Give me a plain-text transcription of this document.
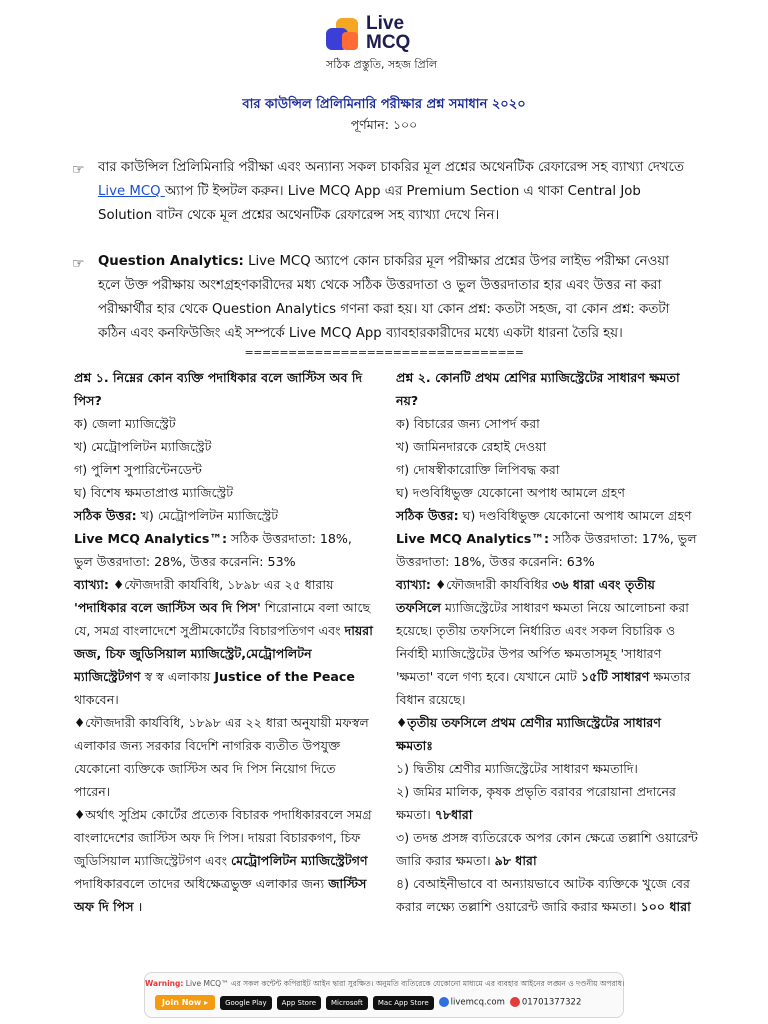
Live
MCQ
সঠিক প্রস্তুতি, সহজ প্রিলি
বার কাউন্সিল প্রিলিমিনারি পরীক্ষার প্রশ্ন সমাধান ২০২০
পূর্ণমান: ১০০
☞ বার কাউন্সিল প্রিলিমিনারি পরীক্ষা এবং অন্যান্য সকল চাকরির মূল প্রশ্নের অথেনটিক রেফারেন্স সহ ব্যাখ্যা দেখতে Live MCQ অ্যাপ টি ইন্সটল করুন। Live MCQ App এর Premium Section এ থাকা Central Job Solution বাটন থেকে মূল প্রশ্নের অথেনটিক রেফারেন্স সহ ব্যাখ্যা দেখে নিন।
☞ Question Analytics: Live MCQ অ্যাপে কোন চাকরির মূল পরীক্ষার প্রশ্নের উপর লাইভ পরীক্ষা নেওয়া হলে উক্ত পরীক্ষায় অংশগ্রহণকারীদের মধ্য থেকে সঠিক উত্তরদাতা ও ভুল উত্তরদাতার হার এবং উত্তর না করা পরীক্ষার্থীর হার থেকে Question Analytics গণনা করা হয়। যা কোন প্রশ্ন: কতটা সহজ, বা কোন প্রশ্ন: কতটা কঠিন এবং কনফিউজিং এই সম্পর্কে Live MCQ App ব্যাবহারকারীদের মধ্যে একটা ধারনা তৈরি হয়।
================================

প্রশ্ন ১. নিম্নের কোন ব্যক্তি পদাধিকার বলে জাস্টিস অব দি পিস?

ক) জেলা ম্যাজিস্ট্রেট

খ) মেট্রোপলিটন ম্যাজিস্ট্রেট

গ) পুলিশ সুপারিন্টেনডেন্ট

ঘ) বিশেষ ক্ষমতাপ্রাপ্ত ম্যাজিস্ট্রেট

সঠিক উত্তর: খ) মেট্রোপলিটন ম্যাজিস্ট্রেট

Live MCQ Analytics™: সঠিক উত্তরদাতা: 18%, ভুল উত্তরদাতা: 28%, উত্তর করেননি: 53%

ব্যাখ্যা: ♦ফৌজদারী কার্যবিধি, ১৮৯৮ এর ২৫ ধারায় 'পদাধিকার বলে জাস্টিস অব দি পিস' শিরোনামে বলা আছে যে, সমগ্র বাংলাদেশে সুপ্রীমকোর্টের বিচারপতিগণ এবং দায়রা জজ, চিফ জুডিসিয়াল ম্যাজিস্ট্রেট,মেট্রোপলিটন ম্যাজিস্ট্রেটগণ স্ব স্ব এলাকায় Justice of the Peace থাকবেন।

♦ফৌজদারী কার্যবিধি, ১৮৯৮ এর ২২ ধারা অনুযায়ী মফস্বল এলাকার জন্য সরকার বিদেশি নাগরিক ব্যতীত উপযুক্ত যেকোনো ব্যক্তিকে জাস্টিস অব দি পিস নিয়োগ দিতে পারেন।

♦অর্থাৎ সুপ্রিম কোর্টের প্রত্যেক বিচারক পদাধিকারবলে সমগ্র বাংলাদেশের জাস্টিস অফ দি পিস। দায়রা বিচারকগণ, চিফ জুডিসিয়াল ম্যাজিস্ট্রেটগণ এবং মেট্রোপলিটন ম্যাজিস্ট্রেটগণ পদাধিকারবলে তাদের অধিক্ষেত্রভুক্ত এলাকার জন্য জাস্টিস অফ দি পিস ।

প্রশ্ন ২. কোনটি প্রথম শ্রেণির ম্যাজিস্ট্রেটের সাধারণ ক্ষমতা নয়?

ক) বিচারের জন্য সোপর্দ করা

খ) জামিনদারকে রেহাই দেওয়া

গ) দোষস্বীকারোক্তি লিপিবদ্ধ করা

ঘ) দণ্ডবিধিভুক্ত যেকোনো অপাধ আমলে গ্রহণ

সঠিক উত্তর: ঘ) দণ্ডবিধিভুক্ত যেকোনো অপাধ আমলে গ্রহণ

Live MCQ Analytics™: সঠিক উত্তরদাতা: 17%, ভুল উত্তরদাতা: 18%, উত্তর করেননি: 63%

ব্যাখ্যা: ♦ফৌজদারী কার্যবিধির ৩৬ ধারা এবং তৃতীয় তফসিলে ম্যাজিস্ট্রেটের সাধারণ ক্ষমতা নিয়ে আলোচনা করা হয়েছে। তৃতীয় তফসিলে নির্ধারিত এবং সকল বিচারিক ও নির্বাহী ম্যাজিস্ট্রেটের উপর অর্পিত ক্ষমতাসমূহ 'সাধারণ 'ক্ষমতা' বলে গণ্য হবে। যেখানে মোট ১৫টি সাধারণ ক্ষমতার বিধান রয়েছে।

♦তৃতীয় তফসিলে প্রথম শ্রেণীর ম্যাজিস্ট্রেটের সাধারণ ক্ষমতাঃ

১) দ্বিতীয় শ্রেণীর ম্যাজিস্ট্রেটের সাধারণ ক্ষমতাদি।

২) জমির মালিক, কৃষক প্রভৃতি বরাবর পরোয়ানা প্রদানের ক্ষমতা। ৭৮ধারা

৩) তদন্ত প্রসঙ্গ ব্যতিরেকে অপর কোন ক্ষেত্রে তল্লাশি ওয়ারেন্ট জারি করার ক্ষমতা। ৯৮ ধারা

৪) বেআইনীভাবে বা অন্যায়ভাবে আটক ব্যক্তিকে খুজে বের করার লক্ষ্যে তল্লাশি ওয়ারেন্ট জারি করার ক্ষমতা। ১০০ ধারা

Warning: Live MCQ™ এর সকল কন্টেন্ট কপিরাইট আইন দ্বারা সুরক্ষিত। অনুমতি ব্যতিরেকে যেকোনো মাধ্যমে এর ব্যবহার আইনের লঙ্ঘন ও দণ্ডনীয় অপরাধ।
Join Now ▸	Google Play	App Store	Microsoft	Mac App Store	livemcq.com	01701377322
